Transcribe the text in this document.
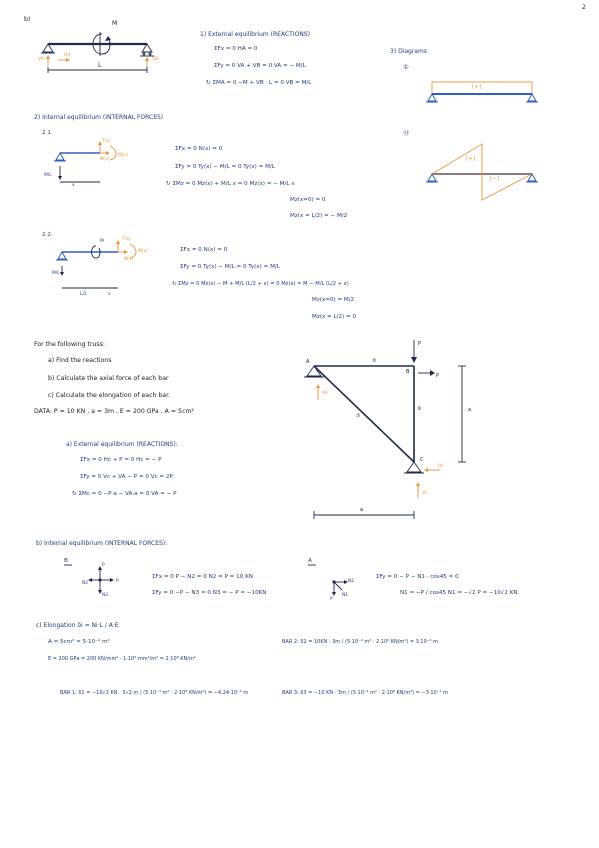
2
b)
M
L
VA
HA
VB
1) External equilibrium (REACTIONS)
ΣFx = 0 HA = 0
ΣFy = 0 VA + VB = 0 VA = − M/L
↻ ΣMA = 0 −M + VB · L = 0 VB = M/L
3) Diagrams
①
[+]
Ⓜ
[+]
[−]
2) Internal equilibrium (INTERNAL FORCES)
2.1.
T(x)
N(x)
M(x)
M/L
x
ΣFx = 0 N(x) = 0
ΣFy = 0 Ty(x) − M/L = 0 Ty(x) = M/L
↻ ΣMz = 0 Mz(x) + M/L x = 0 Mz(x) = − M/L x
Mz(x=0) = 0
Mz(x = L/2) = − M/2
2.2.
M	T(x)
N(x)
M(x)
M/L
L/2	x
ΣFx = 0 N(x) = 0
ΣFy = 0 Ty(x) − M/L = 0 Ty(x) = M/L
↻ ΣMz = 0 Mz(x) − M + M/L (L/2 + x) = 0 Mz(x) = M − M/L (L/2 + x)
Mz(x=0) = M/2
Mz(x = L/2) = 0
For the following truss:
a) Find the reactions
b) Calculate the axial force of each bar
c) Calculate the elongation of each bar.
DATA: P = 10 KN , a = 3m , E = 200 GPa , A = 5cm²
A
B
C
P
P
①
②
③	a
a
VA
Hc
Vc
a) External equilibrium (REACTIONS):
ΣFx = 0 Hc + P = 0 Hc = − P
ΣFy = 0 Vc + VA − P = 0 Vc = 2P
↻ ΣMc = 0 −P·a − VA·a = 0 VA = − P
b) Internal equilibrium (INTERNAL FORCES):
B	A
P
N2	P
N3
N2
P
N1
ΣFx = 0 P − N2 = 0 N2 = P = 10 KN
ΣFy = 0 −P − N3 = 0 N3 = − P = −10KN
ΣFy = 0 − P − N1 · cos45 = 0
N1 = −P / cos45 N1 = −√2 P = −10√2 KN
c) Elongation δi = Ni·L / A·E
A = 5cm² = 5·10⁻⁴ m²
E = 200 GPa = 200 KN/mm² · 1·10⁶ mm²/m² = 2·10⁸ KN/m²
BAR 2: δ2 = 10KN · 3m / (5·10⁻⁴ m² · 2·10⁸ KN/m²) = 3·10⁻⁴ m
BAR 1: δ1 = −10√2 KN · 3√2 m / (5·10⁻⁴ m² · 2·10⁸ KN/m²) = −4,24·10⁻⁴ m	BAR 3: δ3 = −10 KN · 3m / (5·10⁻⁴ m² · 2·10⁸ KN/m²) = −3·10⁻⁴ m
